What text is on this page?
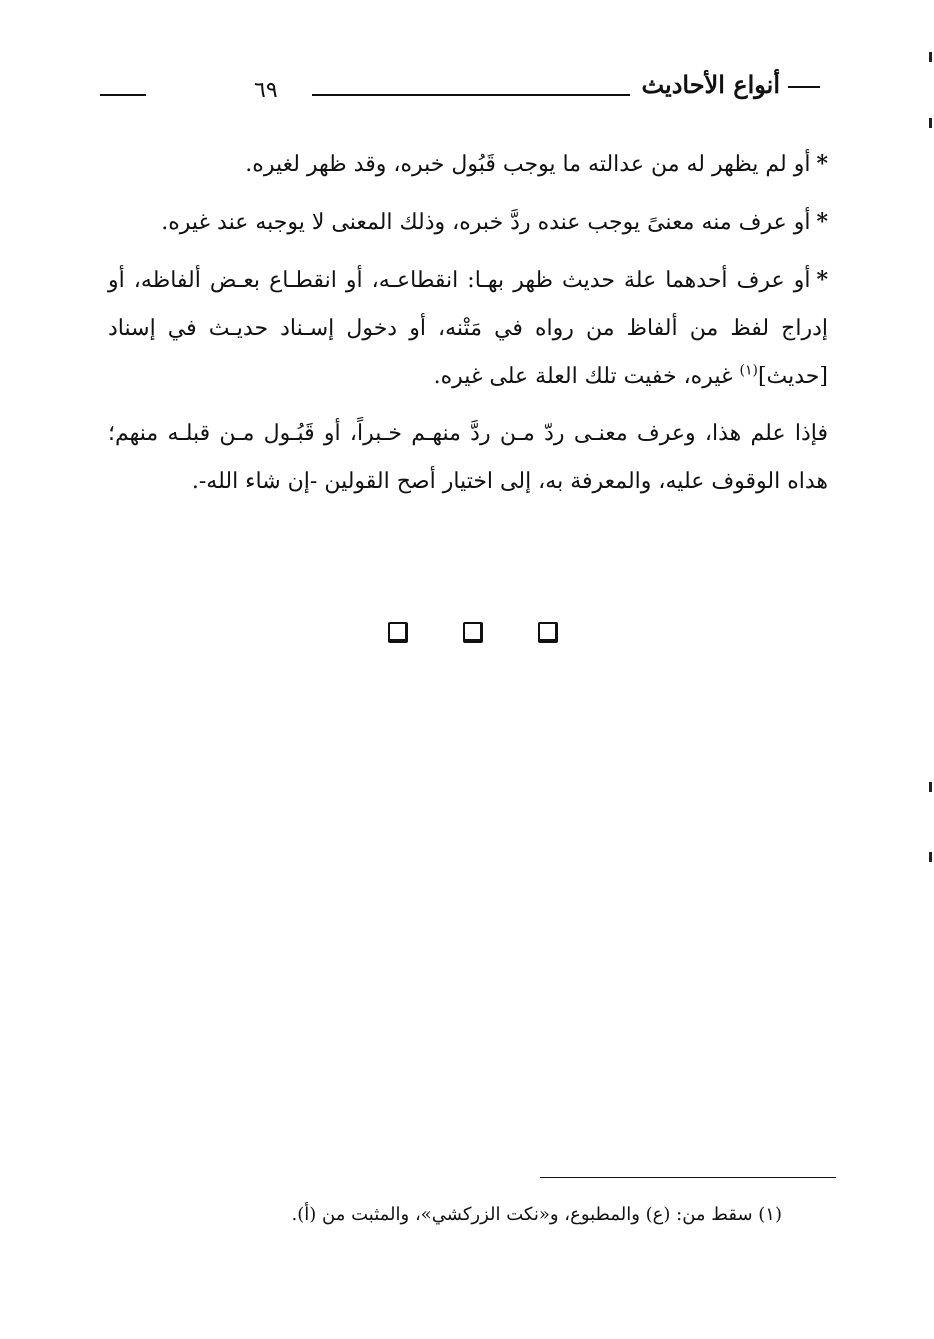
أنواع الأحاديث
٦٩

*أو لم يظهر له من عدالته ما يوجب قَبُول خبره، وقد ظهر لغيره.

*أو عرف منه معنىً يوجب عنده ردَّ خبره، وذلك المعنى لا يوجبه عند غيره.

*أو عرف أحدهما علة حديث ظهر بهـا: انقطاعـه، أو انقطـاع بعـض ألفاظه، أو إدراج لفظ من ألفاظ من رواه في مَتْنه، أو دخول إسـناد حديـث في إسناد [حديث]$^{(١)}$ غيره، خفيت تلك العلة على غيره.

فإذا علم هذا، وعرف معنـى ردّ مـن ردَّ منهـم خـبراً، أو قَبُـول مـن قبلـه منهم؛ هداه الوقوف عليه، والمعرفة به، إلى اختيار أصح القولين -إن شاء الله-.

(١) سقط من: (ع) والمطبوع، و«نكت الزركشي»، والمثبت من (أ).
